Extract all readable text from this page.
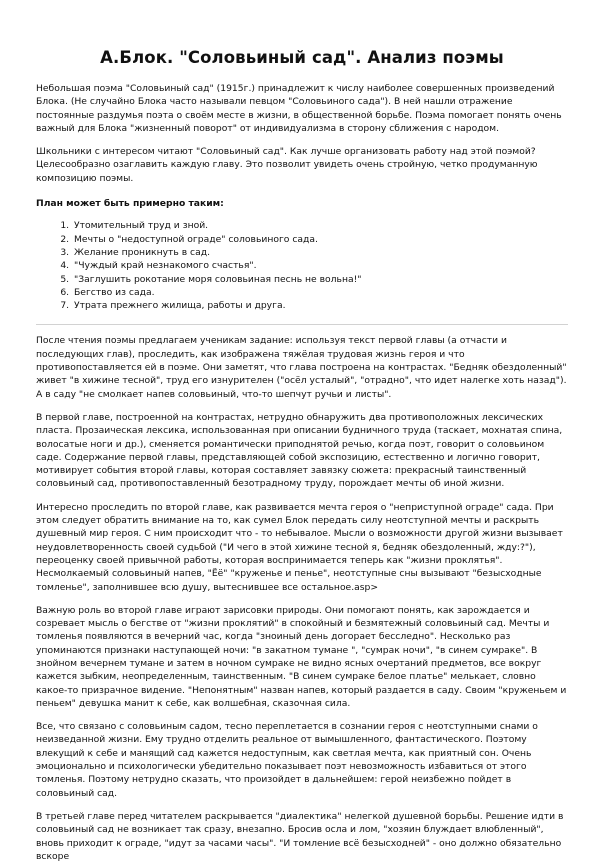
А.Блок. "Соловьиный сад". Анализ поэмы

Небольшая поэма "Соловьиный сад" (1915г.) принадлежит к числу наиболее совершенных произведений Блока. (Не случайно Блока часто называли певцом "Соловьиного сада"). В ней нашли отражение постоянные раздумья поэта о своём месте в жизни, в общественной борьбе. Поэма помогает понять очень важный для Блока "жизненный поворот" от индивидуализма в сторону сближения с народом.

Школьники с интересом читают "Соловьиный сад". Как лучше организовать работу над этой поэмой? Целесообразно озаглавить каждую главу. Это позволит увидеть очень стройную, четко продуманную композицию поэмы.

План может быть примерно таким:
1. Утомительный труд и зной.
2. Мечты о "недоступной ограде" соловьиного сада.
3. Желание проникнуть в сад.
4. "Чуждый край незнакомого счастья".
5. "Заглушить рокотание моря соловьиная песнь не вольна!"
6. Бегство из сада.
7. Утрата прежнего жилища, работы и друга.

После чтения поэмы предлагаем ученикам задание: используя текст первой главы (а отчасти и последующих глав), проследить, как изображена тяжёлая трудовая жизнь героя и что противопоставляется ей в поэме. Они заметят, что глава построена на контрастах. "Бедняк обездоленный" живет "в хижине тесной", труд его изнурителен ("осёл усталый", "отрадно", что идет налегке хоть назад"). А в саду "не смолкает напев соловьиный, что-то шепчут ручьи и листы".

В первой главе, построенной на контрастах, нетрудно обнаружить два противоположных лексических пласта. Прозаическая лексика, использованная при описании будничного труда (таскает, мохнатая спина, волосатые ноги и др.), сменяется романтически приподнятой речью, когда поэт, говорит о соловьином саде. Содержание первой главы, представляющей собой экспозицию, естественно и логично говорит, мотивирует события второй главы, которая составляет завязку сюжета: прекрасный таинственный соловьиный сад, противопоставленный безотрадному труду, порождает мечты об иной жизни.

Интересно проследить по второй главе, как развивается мечта героя о "неприступной ограде" сада. При этом следует обратить внимание на то, как сумел Блок передать силу неотступной мечты и раскрыть душевный мир героя. С ним происходит что - то небывалое. Мысли о возможности другой жизни вызывает неудовлетворенность своей судьбой ("И чего в этой хижине тесной я, бедняк обездоленный, жду:?"), переоценку своей привычной работы, которая воспринимается теперь как "жизни проклятья". Несмолкаемый соловьиный напев, "Ёё" "круженье и пенье", неотступные сны вызывают "безысходные томленье", заполнившее всю душу, вытеснившее все остальное.asp>

Важную роль во второй главе играют зарисовки природы. Они помогают понять, как зарождается и созревает мысль о бегстве от "жизни проклятий" в спокойный и безмятежный соловьиный сад. Мечты и томленья появляются в вечерний час, когда "зноиный день догорает бесследно". Несколько раз упоминаются признаки наступающей ночи: "в закатном тумане ", "сумрак ночи", "в синем сумраке". В знойном вечернем тумане и затем в ночном сумраке не видно ясных очертаний предметов, все вокруг кажется зыбким, неопределенным, таинственным. "В синем сумраке белое платье" мелькает, словно какое-то призрачное видение. "Непонятным" назван напев, который раздается в саду. Своим "круженьем и пеньем" девушка манит к себе, как волшебная, сказочная сила.

Все, что связано с соловьиным садом, тесно переплетается в сознании героя с неотступными снами о неизведанной жизни. Ему трудно отделить реальное от вымышленного, фантастического. Поэтому влекущий к себе и манящий сад кажется недоступным, как светлая мечта, как приятный сон. Очень эмоционально и психологически убедительно показывает поэт невозможность избавиться от этого томленья. Поэтому нетрудно сказать, что произойдет в дальнейшем: герой неизбежно пойдет в соловьиный сад.

В третьей главе перед читателем раскрывается "диалектика" нелегкой душевной борьбы. Решение идти в соловьиный сад не возникает так сразу, внезапно. Бросив осла и лом, "хозяин блуждает влюбленный", вновь приходит к ограде, "идут за часами часы". "И томление всё безысходней" - оно должно обязательно вскоре
